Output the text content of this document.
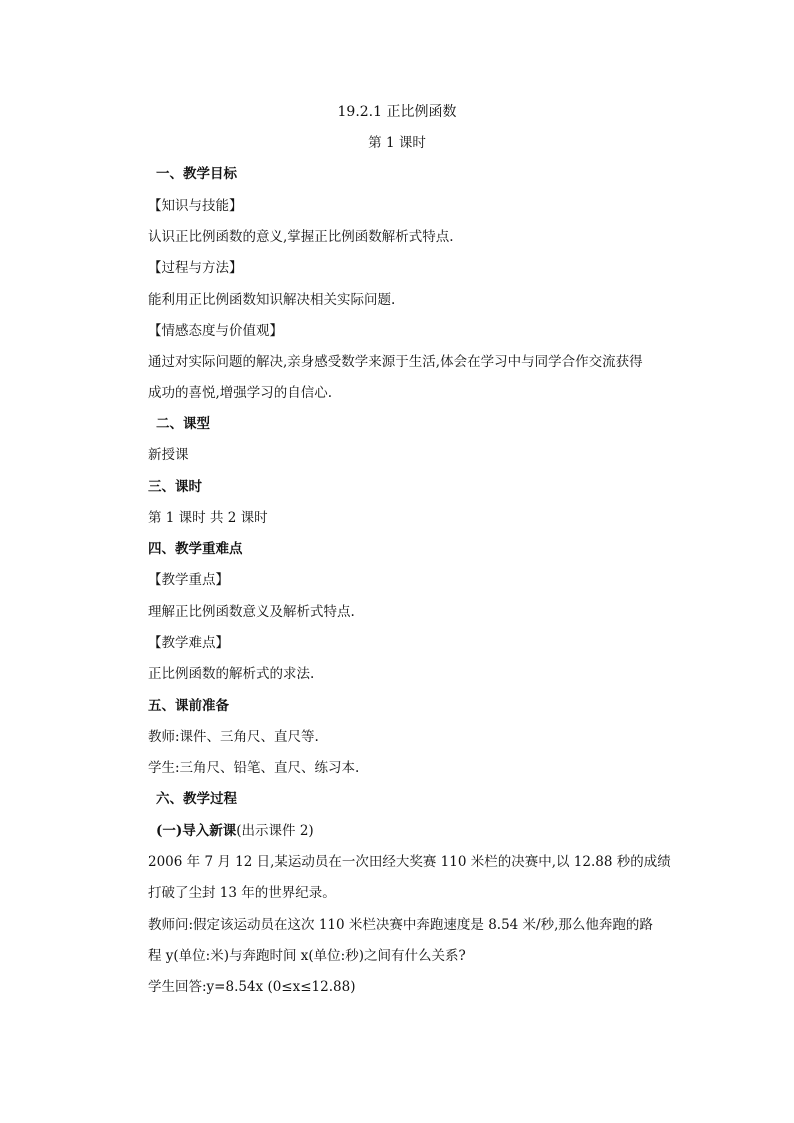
19.2.1 正比例函数
第 1 课时
一、教学目标
【知识与技能】
认识正比例函数的意义,掌握正比例函数解析式特点.
【过程与方法】
能利用正比例函数知识解决相关实际问题.
【情感态度与价值观】
通过对实际问题的解决,亲身感受数学来源于生活,体会在学习中与同学合作交流获得
成功的喜悦,增强学习的自信心.
二、课型
新授课
三、课时
第 1 课时 共 2 课时
四、教学重难点
【教学重点】
理解正比例函数意义及解析式特点.
【教学难点】
正比例函数的解析式的求法.
五、课前准备
教师:课件、三角尺、直尺等.
学生:三角尺、铅笔、直尺、练习本.
六、教学过程
(一)导入新课(出示课件 2)
2006 年 7 月 12 日,某运动员在一次田经大奖赛 110 米栏的决赛中,以 12.88 秒的成绩
打破了尘封 13 年的世界纪录。
教师问:假定该运动员在这次 110 米栏决赛中奔跑速度是 8.54 米/秒,那么他奔跑的路
程 y(单位:米)与奔跑时间 x(单位:秒)之间有什么关系?
学生回答:y=8.54x (0≤x≤12.88)
